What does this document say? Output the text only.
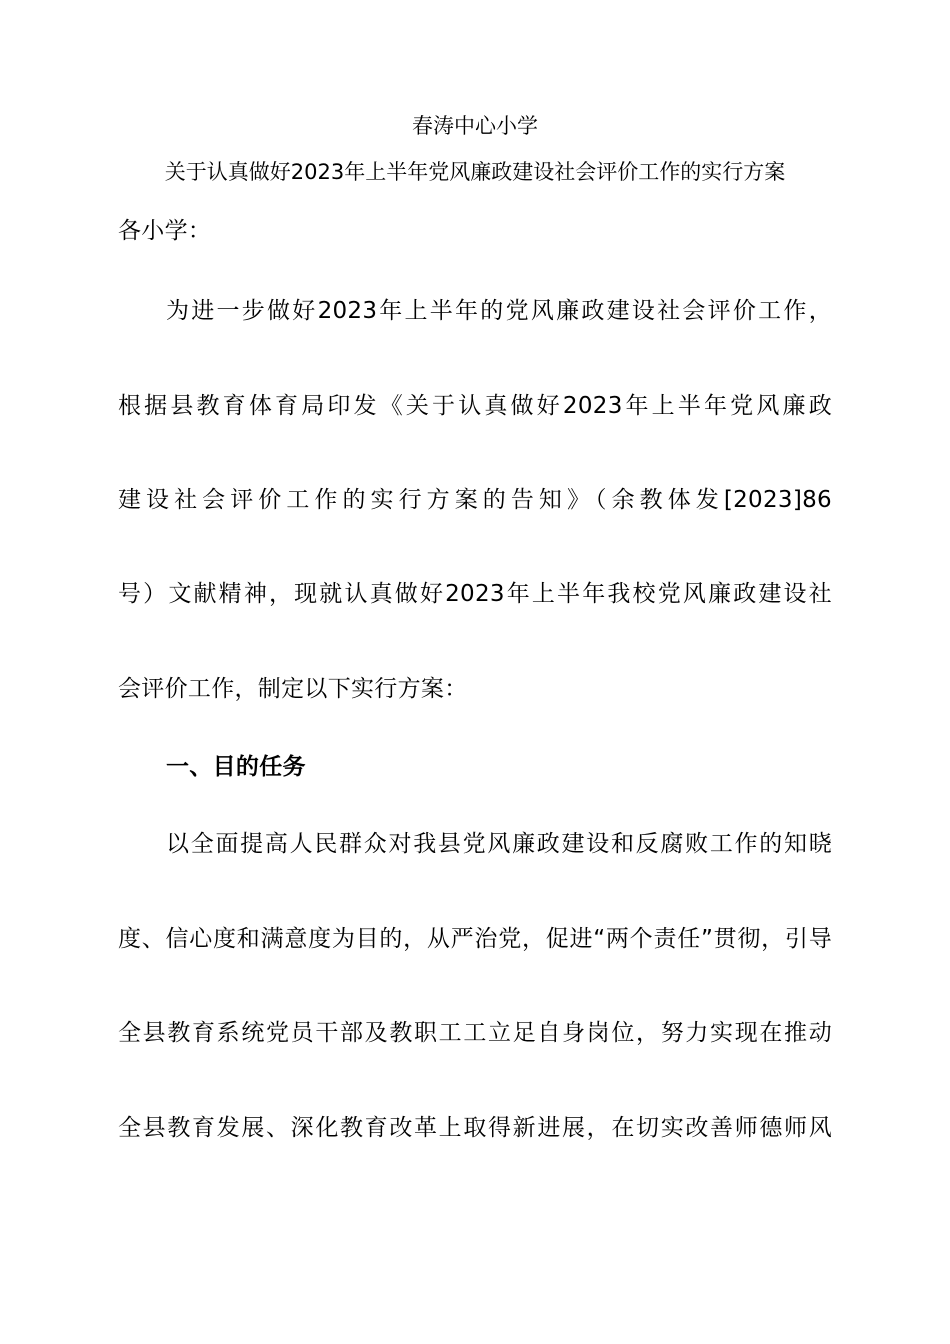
春涛中心小学
关于认真做好2023年上半年党风廉政建设社会评价工作的实行方案
各小学：
为进一步做好2023年上半年的党风廉政建设社会评价工作，
根据县教育体育局印发《关于认真做好2023年上半年党风廉政
建设社会评价工作的实行方案的告知》（余教体发[2023]86
号）文献精神，现就认真做好2023年上半年我校党风廉政建设社
会评价工作，制定以下实行方案：
一、目的任务
以全面提高人民群众对我县党风廉政建设和反腐败工作的知晓
度、信心度和满意度为目的，从严治党，促进“两个责任”贯彻，引导
全县教育系统党员干部及教职工工立足自身岗位，努力实现在推动
全县教育发展、深化教育改革上取得新进展，在切实改善师德师风
